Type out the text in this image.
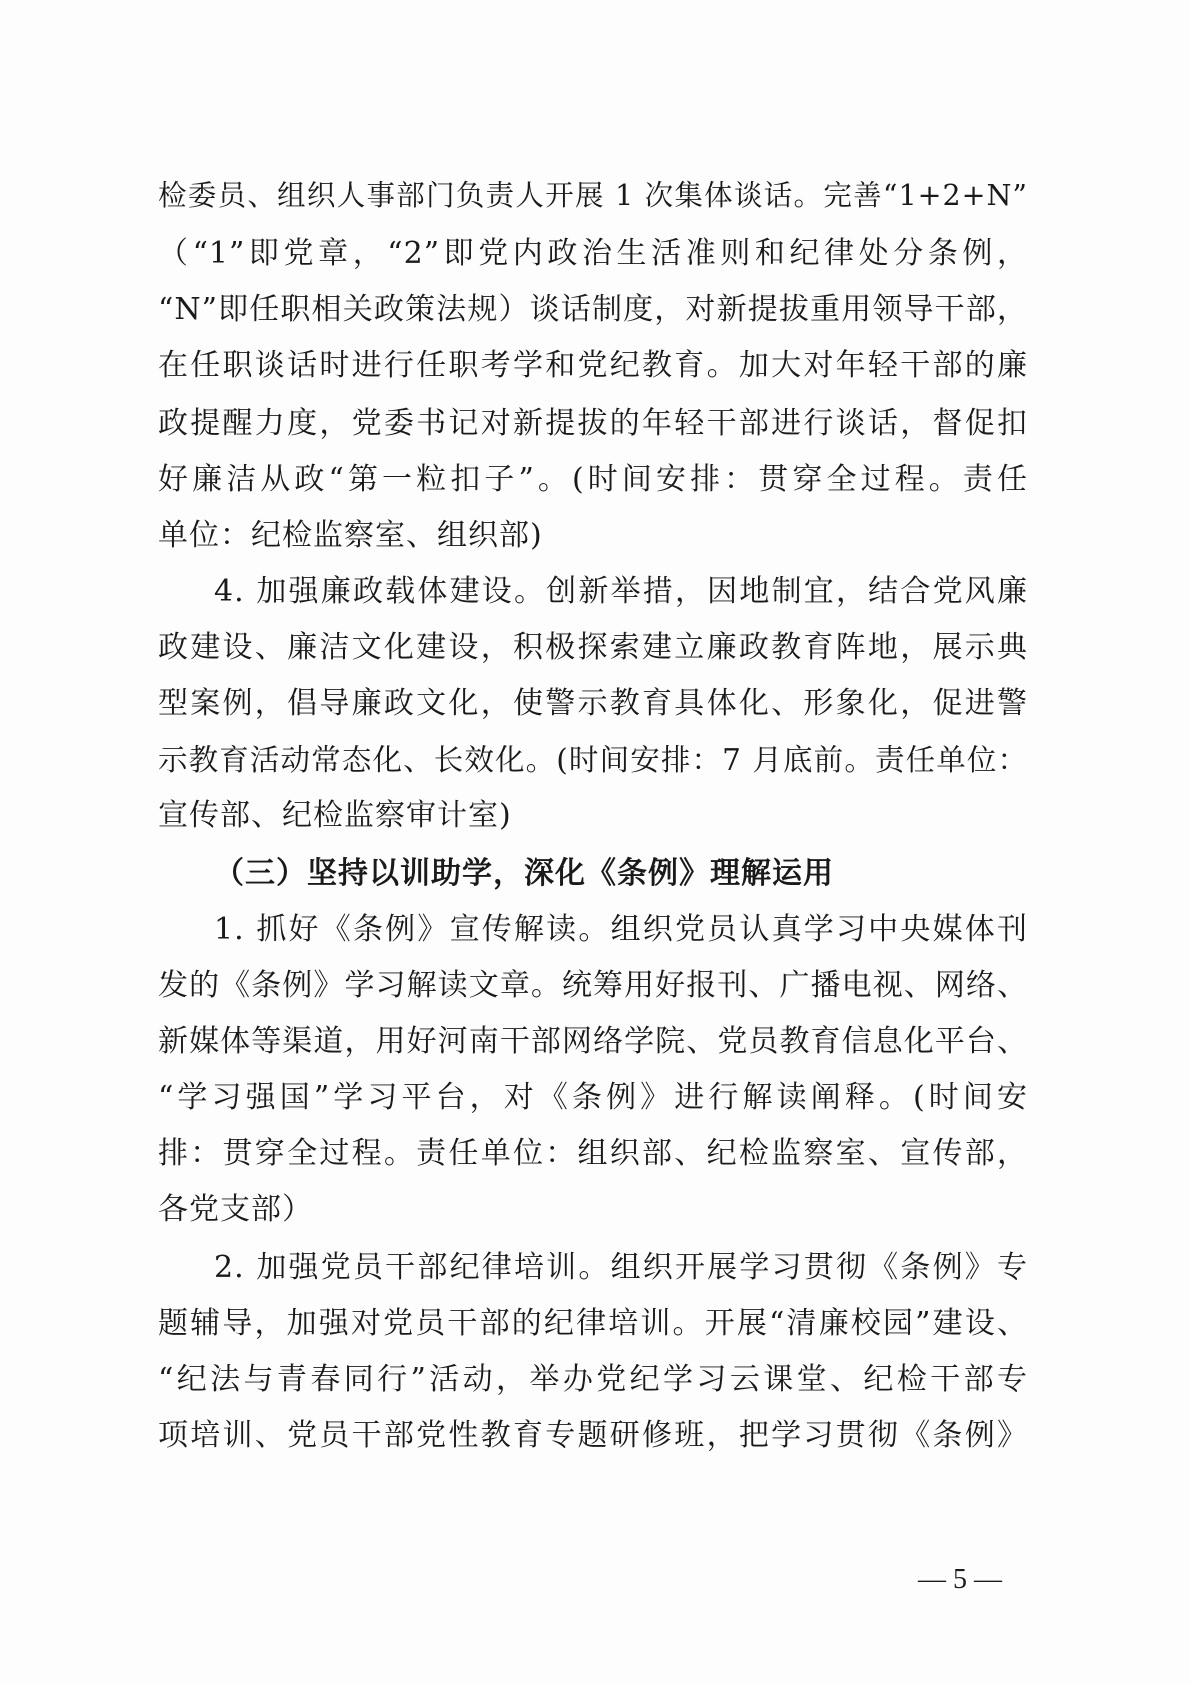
检委员、组织人事部门负责人开展 1 次集体谈话。完善“1+2+N”
（“1”即党章，“2”即党内政治生活准则和纪律处分条例，
“N”即任职相关政策法规）谈话制度，对新提拔重用领导干部，
在任职谈话时进行任职考学和党纪教育。加大对年轻干部的廉
政提醒力度，党委书记对新提拔的年轻干部进行谈话，督促扣
好廉洁从政“第一粒扣子”。(时间安排：贯穿全过程。责任
单位：纪检监察室、组织部)
4. 加强廉政载体建设。创新举措，因地制宜，结合党风廉
政建设、廉洁文化建设，积极探索建立廉政教育阵地，展示典
型案例，倡导廉政文化，使警示教育具体化、形象化，促进警
示教育活动常态化、长效化。(时间安排：7 月底前。责任单位：
宣传部、纪检监察审计室)
（三）坚持以训助学，深化《条例》理解运用
1. 抓好《条例》宣传解读。组织党员认真学习中央媒体刊
发的《条例》学习解读文章。统筹用好报刊、广播电视、网络、
新媒体等渠道，用好河南干部网络学院、党员教育信息化平台、
“学习强国”学习平台，对《条例》进行解读阐释。(时间安
排：贯穿全过程。责任单位：组织部、纪检监察室、宣传部，
各党支部）
2. 加强党员干部纪律培训。组织开展学习贯彻《条例》专
题辅导，加强对党员干部的纪律培训。开展“清廉校园”建设、
“纪法与青春同行”活动，举办党纪学习云课堂、纪检干部专
项培训、党员干部党性教育专题研修班，把学习贯彻《条例》
— 5 —
